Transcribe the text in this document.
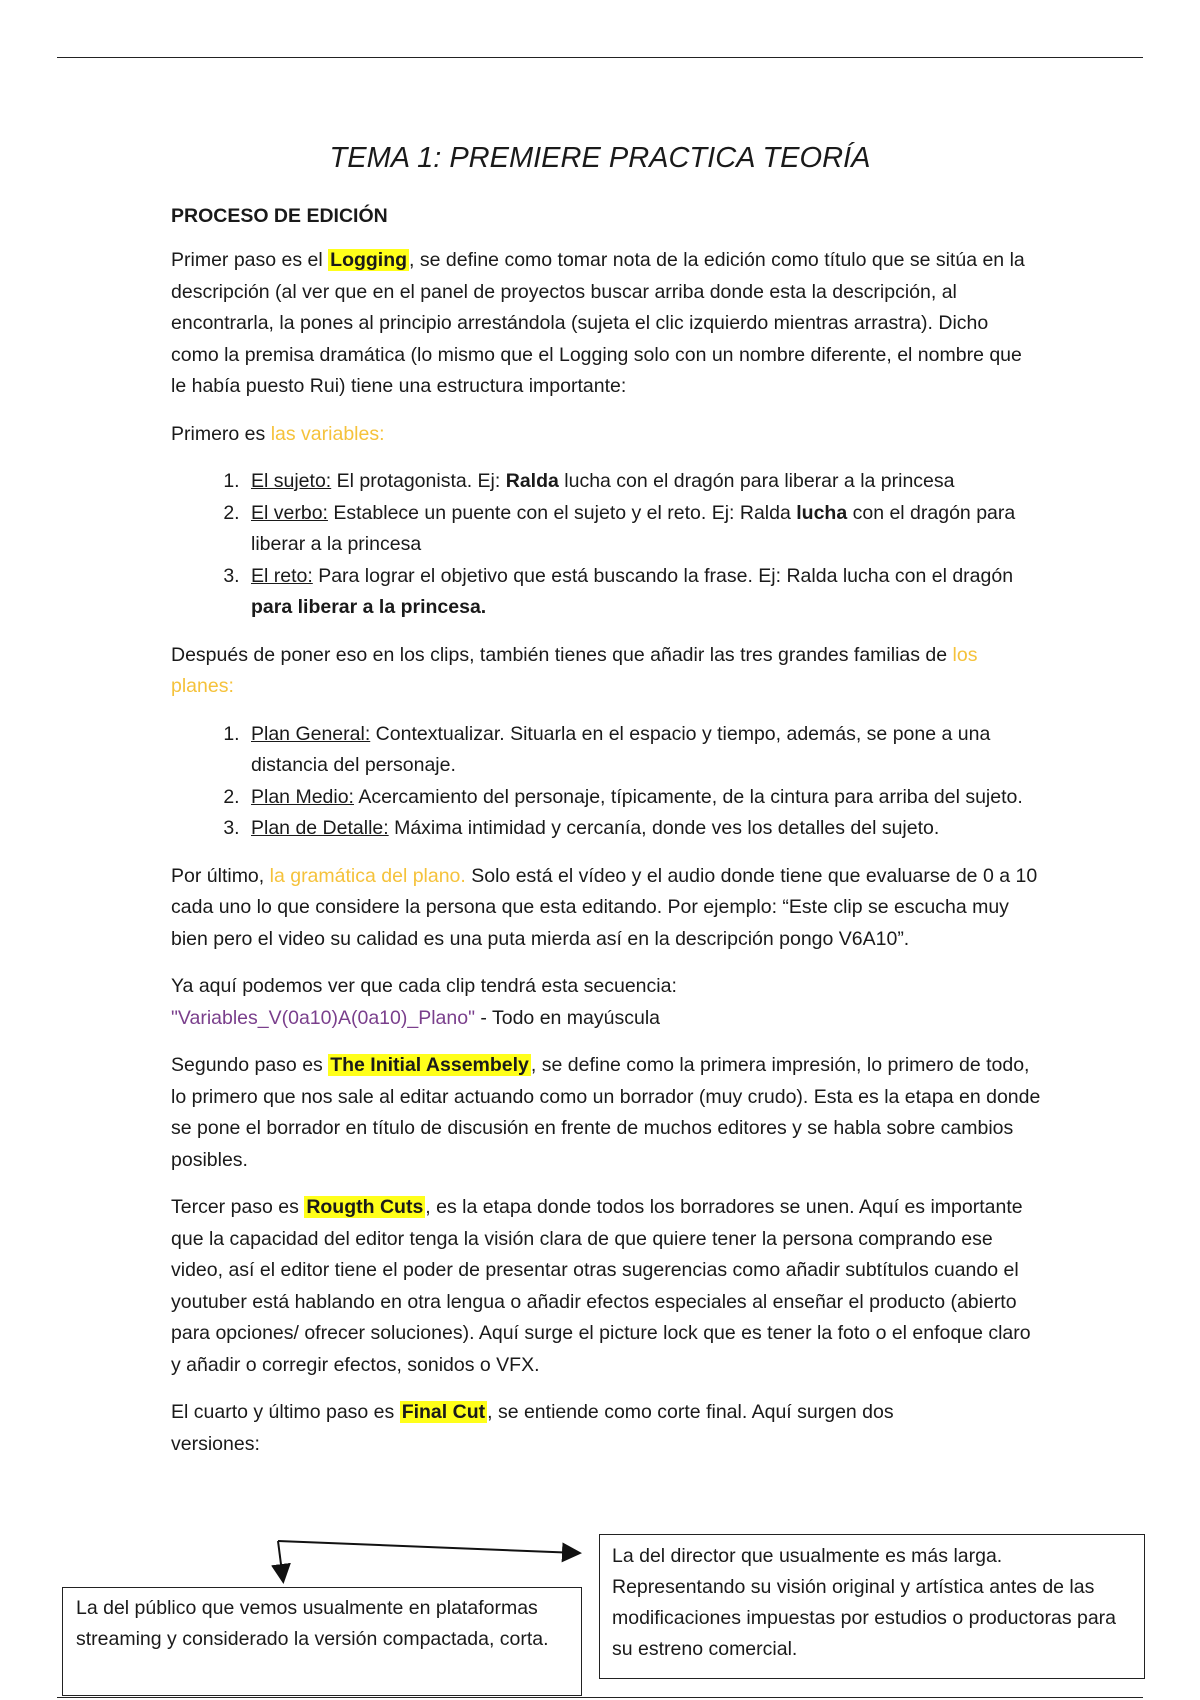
TEMA 1: PREMIERE PRACTICA TEORÍA
PROCESO DE EDICIÓN

Primer paso es el Logging , se define como tomar nota de la edición como título que se sitúa en la descripción (al ver que en el panel de proyectos buscar arriba donde esta la descripción, al encontrarla, la pones al principio arrestándola (sujeta el clic izquierdo mientras arrastra). Dicho como la premisa dramática (lo mismo que el Logging solo con un nombre diferente, el nombre que le había puesto Rui) tiene una estructura importante:

Primero es las variables:

1. El sujeto: El protagonista. Ej: Ralda lucha con el dragón para liberar a la princesa
2. El verbo: Establece un puente con el sujeto y el reto. Ej: Ralda lucha con el dragón para liberar a la princesa
3. El reto: Para lograr el objetivo que está buscando la frase. Ej: Ralda lucha con el dragón para liberar a la princesa.

Después de poner eso en los clips, también tienes que añadir las tres grandes familias de los planes:

1. Plan General: Contextualizar. Situarla en el espacio y tiempo, además, se pone a una distancia del personaje.
2. Plan Medio: Acercamiento del personaje, típicamente, de la cintura para arriba del sujeto.
3. Plan de Detalle: Máxima intimidad y cercanía, donde ves los detalles del sujeto.

Por último, la gramática del plano. Solo está el vídeo y el audio donde tiene que evaluarse de 0 a 10 cada uno lo que considere la persona que esta editando. Por ejemplo: “Este clip se escucha muy bien pero el video su calidad es una puta mierda así en la descripción pongo V6A10”.

Ya aquí podemos ver que cada clip tendrá esta secuencia:
"Variables_V(0a10)A(0a10)_Plano" - Todo en mayúscula

Segundo paso es The Initial Assembely , se define como la primera impresión, lo primero de todo, lo primero que nos sale al editar actuando como un borrador (muy crudo). Esta es la etapa en donde se pone el borrador en título de discusión en frente de muchos editores y se habla sobre cambios posibles.

Tercer paso es Rougth Cuts , es la etapa donde todos los borradores se unen. Aquí es importante que la capacidad del editor tenga la visión clara de que quiere tener la persona comprando ese video, así el editor tiene el poder de presentar otras sugerencias como añadir subtítulos cuando el youtuber está hablando en otra lengua o añadir efectos especiales al enseñar el producto (abierto para opciones/ ofrecer soluciones). Aquí surge el picture lock que es tener la foto o el enfoque claro y añadir o corregir efectos, sonidos o VFX.

El cuarto y último paso es Final Cut , se entiende como corte final. Aquí surgen dos
versiones:

La del director que usualmente es más larga. Representando su visión original y artística antes de las modificaciones impuestas por estudios o productoras para su estreno comercial.
La del público que vemos usualmente en plataformas streaming y considerado la versión compactada, corta.
